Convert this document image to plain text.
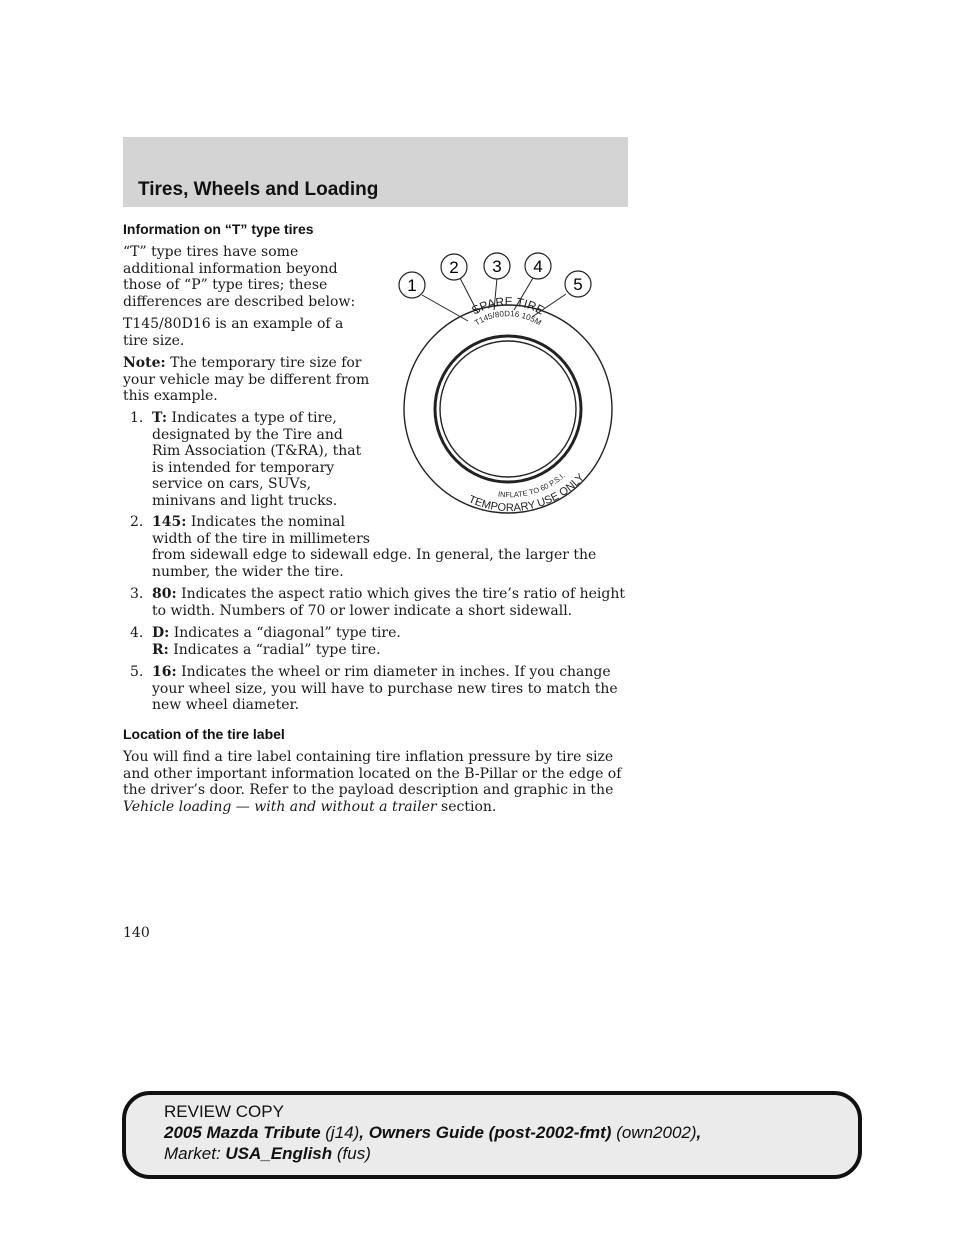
Tires, Wheels and Loading
Information on “T” type tires

“T” type tires have some additional information beyond those of “P” type tires; these differences are described below:

T145/80D16 is an example of a tire size.

Note: The temporary tire size for your vehicle may be different from this example.

1. T: Indicates a type of tire, designated by the Tire and Rim Association (T&RA), that is intended for temporary service on cars, SUVs, minivans and light trucks.
2. 145: Indicates the nominal width of the tire in millimeters

from sidewall edge to sidewall edge. In general, the larger the number, the wider the tire.

3. 80: Indicates the aspect ratio which gives the tire’s ratio of height to width. Numbers of 70 or lower indicate a short sidewall.
4. D: Indicates a “diagonal” type tire.
R: Indicates a “radial” type tire.
5. 16: Indicates the wheel or rim diameter in inches. If you change your wheel size, you will have to purchase new tires to match the new wheel diameter.
1
2 3 4
5
SPARE TIRE
T145/80D16 105M
TEMPORARY USE ONLY
INFLATE TO 60 P.S.I.
Location of the tire label

You will find a tire label containing tire inflation pressure by tire size and other important information located on the B-Pillar or the edge of the driver’s door. Refer to the payload description and graphic in the Vehicle loading — with and without a trailer section.

140

REVIEW COPY
2005 Mazda Tribute (j14), Owners Guide (post-2002-fmt) (own2002),
Market: USA_English (fus)
